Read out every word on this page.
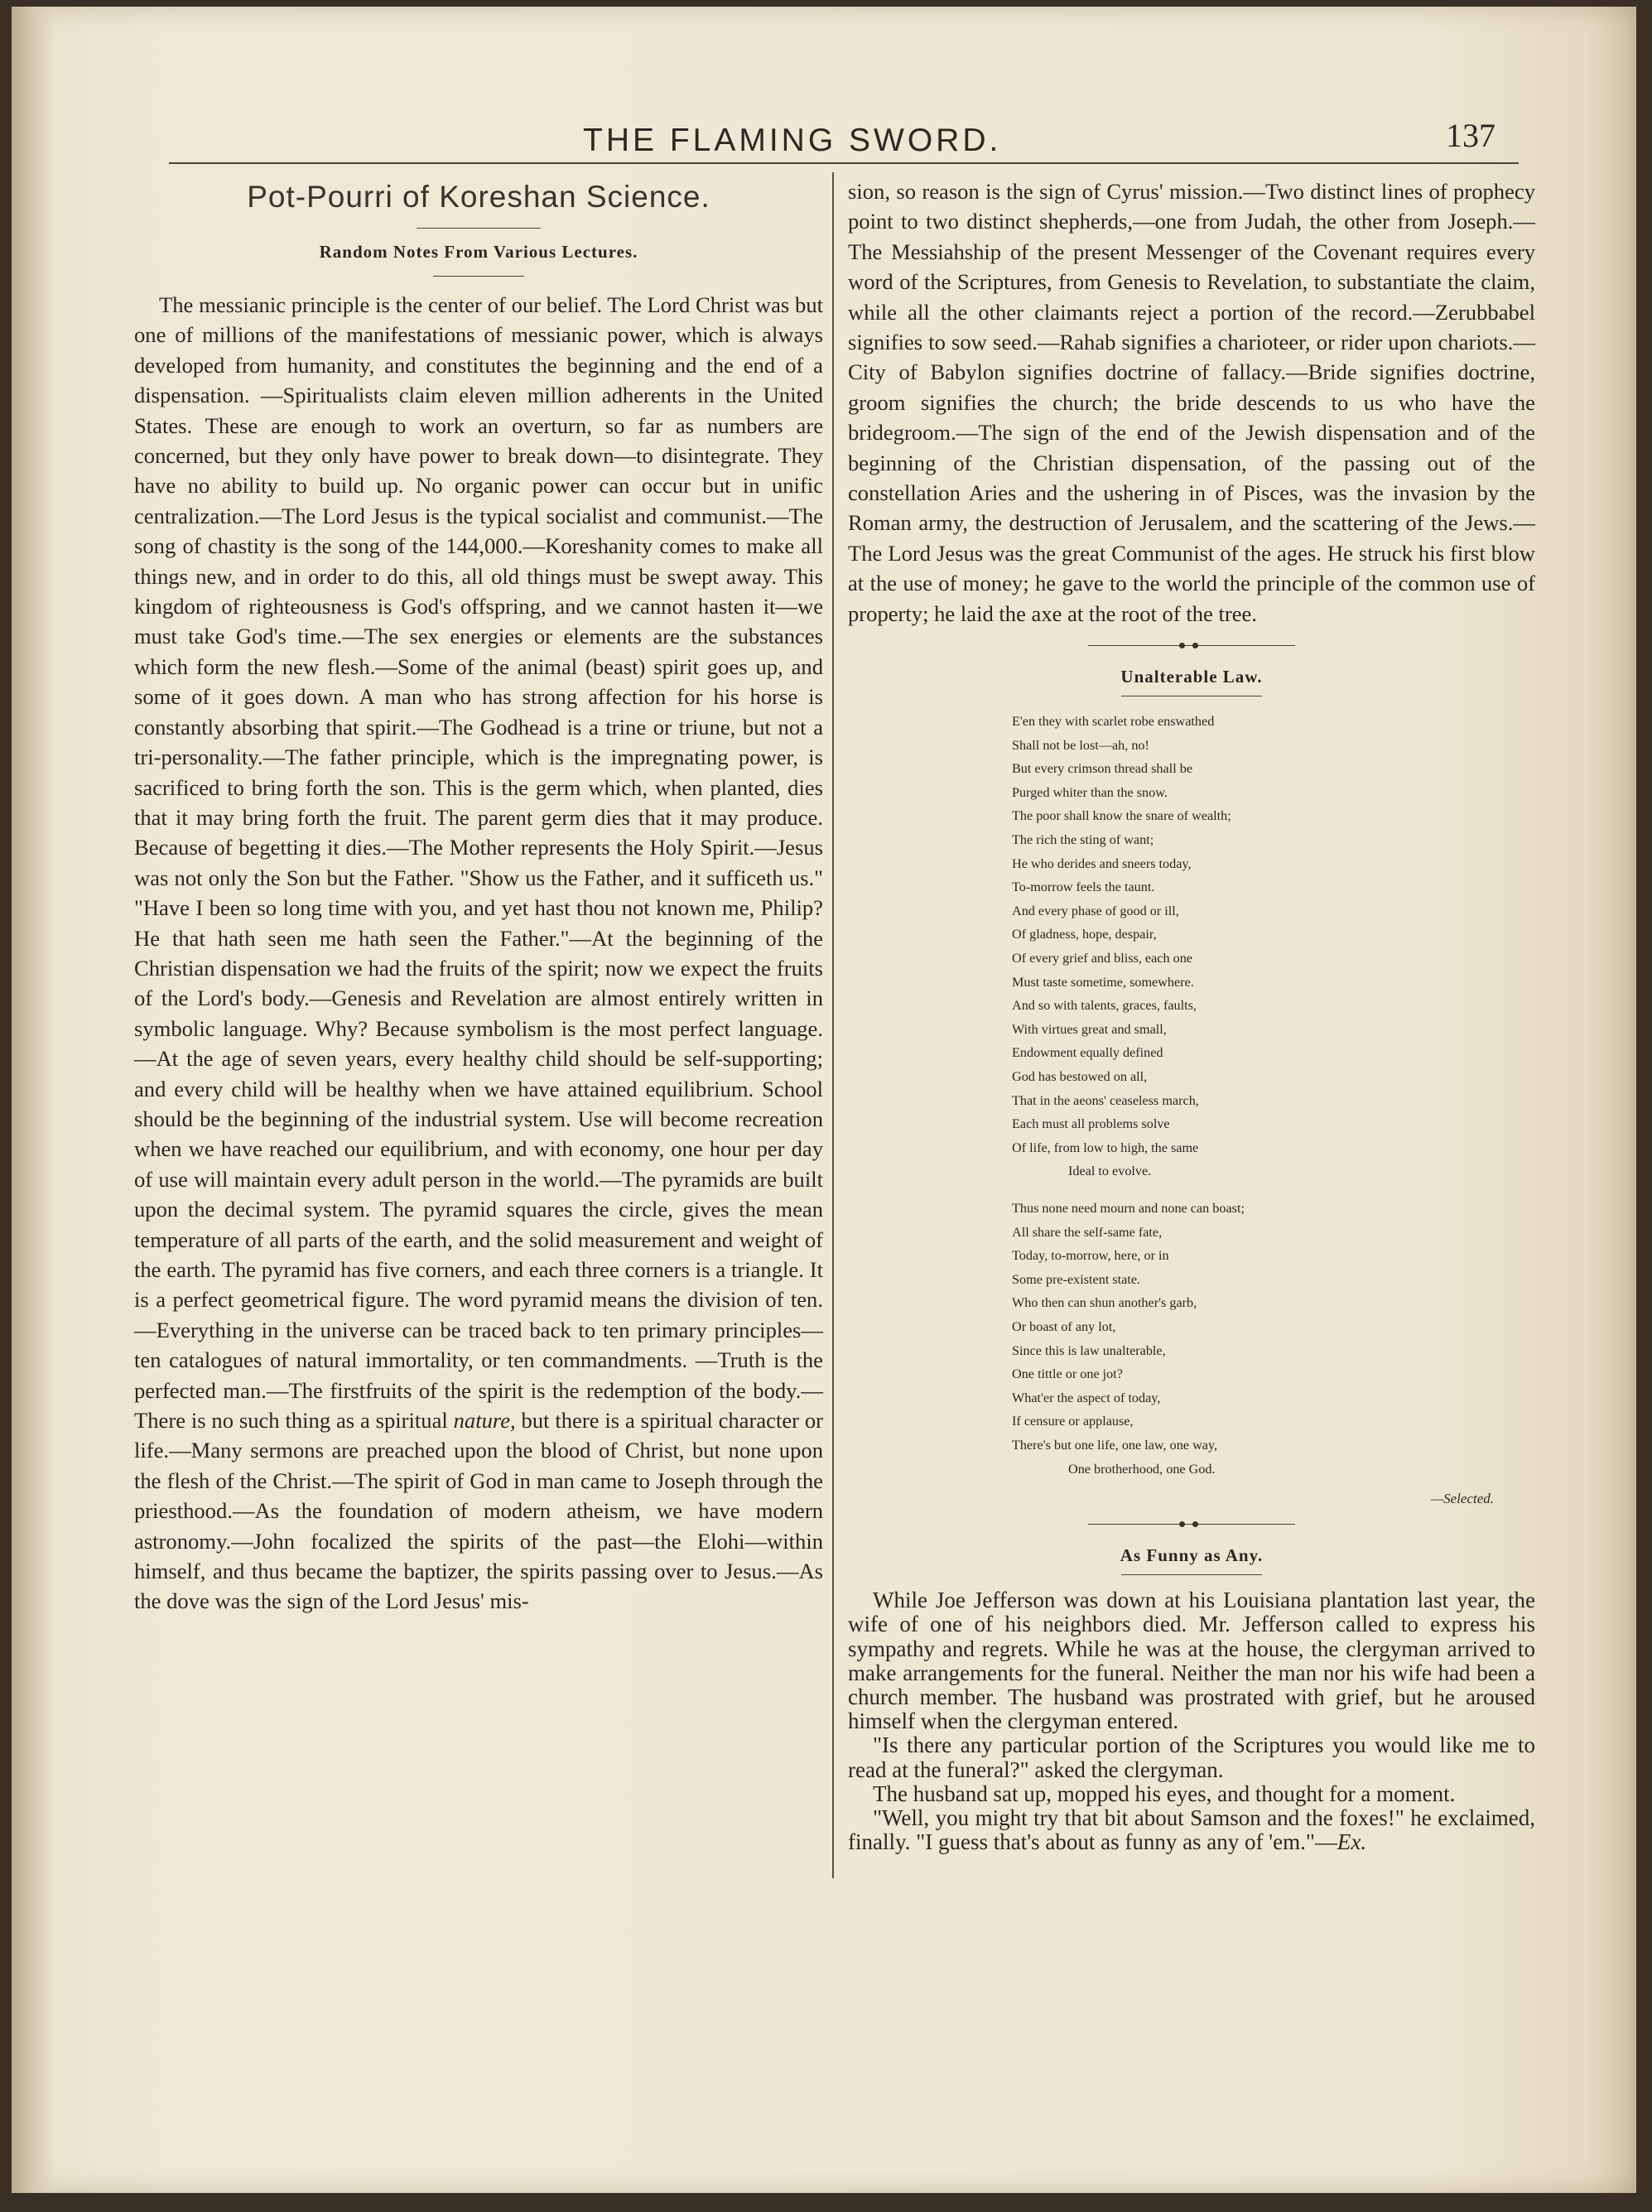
THE FLAMING SWORD.	137
Pot-Pourri of Koreshan Science.
Random Notes From Various Lectures.

The messianic principle is the center of our belief. The Lord Christ was but one of millions of the manifestations of messianic power, which is always developed from humanity, and constitutes the beginning and the end of a dispensation. —Spiritualists claim eleven million adherents in the United States. These are enough to work an overturn, so far as numbers are concerned, but they only have power to break down—to disintegrate. They have no ability to build up. No organic power can occur but in unific centralization.—The Lord Jesus is the typical socialist and communist.—The song of chastity is the song of the 144,000.—Koreshanity comes to make all things new, and in order to do this, all old things must be swept away. This kingdom of righteousness is God's offspring, and we cannot hasten it—we must take God's time.—The sex energies or elements are the substances which form the new flesh.—Some of the animal (beast) spirit goes up, and some of it goes down. A man who has strong affection for his horse is constantly absorbing that spirit.—The Godhead is a trine or triune, but not a tri-personality.—The father principle, which is the impregnating power, is sacrificed to bring forth the son. This is the germ which, when planted, dies that it may bring forth the fruit. The parent germ dies that it may produce. Because of begetting it dies.—The Mother represents the Holy Spirit.—Jesus was not only the Son but the Father. "Show us the Father, and it sufficeth us." "Have I been so long time with you, and yet hast thou not known me, Philip? He that hath seen me hath seen the Father."—At the beginning of the Christian dispensation we had the fruits of the spirit; now we expect the fruits of the Lord's body.—Genesis and Revelation are almost entirely written in symbolic language. Why? Because symbolism is the most perfect language.—At the age of seven years, every healthy child should be self-supporting; and every child will be healthy when we have attained equilibrium. School should be the beginning of the industrial system. Use will become recreation when we have reached our equilibrium, and with economy, one hour per day of use will maintain every adult person in the world.—The pyramids are built upon the decimal system. The pyramid squares the circle, gives the mean temperature of all parts of the earth, and the solid measurement and weight of the earth. The pyramid has five corners, and each three corners is a triangle. It is a perfect geometrical figure. The word pyramid means the division of ten.—Everything in the universe can be traced back to ten primary principles—ten catalogues of natural immortality, or ten commandments. —Truth is the perfected man.—The firstfruits of the spirit is the redemption of the body.—There is no such thing as a spiritual nature, but there is a spiritual character or life.—Many sermons are preached upon the blood of Christ, but none upon the flesh of the Christ.—The spirit of God in man came to Joseph through the priesthood.—As the foundation of modern atheism, we have modern astronomy.—John focalized the spirits of the past—the Elohi—within himself, and thus became the baptizer, the spirits passing over to Jesus.—As the dove was the sign of the Lord Jesus' mis-

sion, so reason is the sign of Cyrus' mission.—Two distinct lines of prophecy point to two distinct shepherds,—one from Judah, the other from Joseph.—The Messiahship of the present Messenger of the Covenant requires every word of the Scriptures, from Genesis to Revelation, to substantiate the claim, while all the other claimants reject a portion of the record.—Zerubbabel signifies to sow seed.—Rahab signifies a charioteer, or rider upon chariots.—City of Babylon signifies doctrine of fallacy.—Bride signifies doctrine, groom signifies the church; the bride descends to us who have the bridegroom.—The sign of the end of the Jewish dispensation and of the beginning of the Christian dispensation, of the passing out of the constellation Aries and the ushering in of Pisces, was the invasion by the Roman army, the destruction of Jerusalem, and the scattering of the Jews.—The Lord Jesus was the great Communist of the ages. He struck his first blow at the use of money; he gave to the world the principle of the common use of property; he laid the axe at the root of the tree.

Unalterable Law.
E'en they with scarlet robe enswathed
Shall not be lost—ah, no!
But every crimson thread shall be
Purged whiter than the snow.
The poor shall know the snare of wealth;
The rich the sting of want;
He who derides and sneers today,
To-morrow feels the taunt.
And every phase of good or ill,
Of gladness, hope, despair,
Of every grief and bliss, each one
Must taste sometime, somewhere.
And so with talents, graces, faults,
With virtues great and small,
Endowment equally defined
God has bestowed on all,
That in the aeons' ceaseless march,
Each must all problems solve
Of life, from low to high, the same
Ideal to evolve.
Thus none need mourn and none can boast;
All share the self-same fate,
Today, to-morrow, here, or in
Some pre-existent state.
Who then can shun another's garb,
Or boast of any lot,
Since this is law unalterable,
One tittle or one jot?
What'er the aspect of today,
If censure or applause,
There's but one life, one law, one way,
One brotherhood, one God.
—Selected.
As Funny as Any.

While Joe Jefferson was down at his Louisiana plantation last year, the wife of one of his neighbors died. Mr. Jefferson called to express his sympathy and regrets. While he was at the house, the clergyman arrived to make arrangements for the funeral. Neither the man nor his wife had been a church member. The husband was prostrated with grief, but he aroused himself when the clergyman entered.

"Is there any particular portion of the Scriptures you would like me to read at the funeral?" asked the clergyman.

The husband sat up, mopped his eyes, and thought for a moment.

"Well, you might try that bit about Samson and the foxes!" he exclaimed, finally. "I guess that's about as funny as any of 'em."—Ex.
